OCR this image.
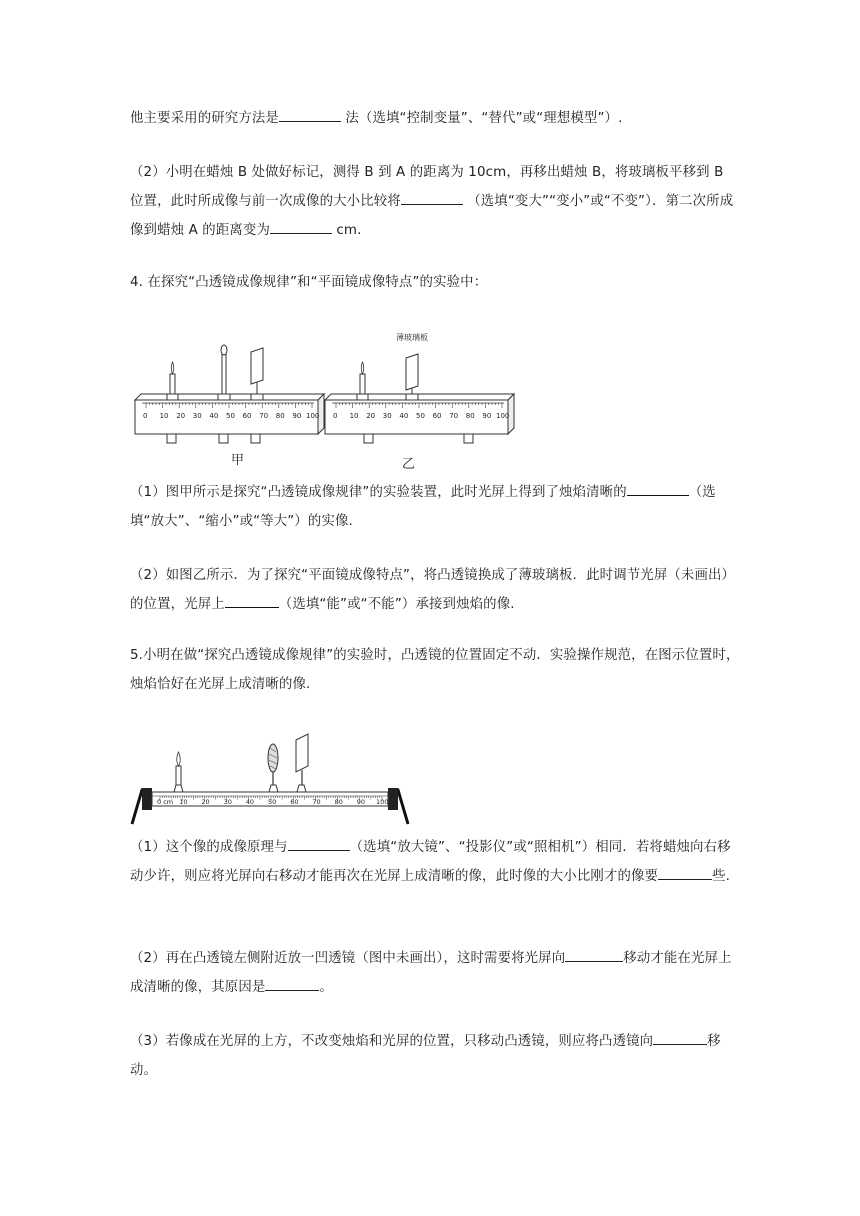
他主要采用的研究方法是	法（选填“控制变量”、“替代”或“理想模型”）.

（2）小明在蜡烛 B 处做好标记，测得 B 到 A 的距离为 10cm，再移出蜡烛 B，将玻璃板平移到 B 位置，此时所成像与前一次成像的大小比较将	（选填“变大”“变小”或“不变”）．第二次所成像到蜡烛 A 的距离变为	cm.

4. 在探究“凸透镜成像规律”和“平面镜成像特点”的实验中：

0 10 20 30 40 50 60 70 80 90 100
甲
0 10 20 30 40 50 60 70 80 90 100
薄玻璃板
乙

（1）图甲所示是探究“凸透镜成像规律”的实验装置，此时光屏上得到了烛焰清晰的	（选填“放大”、“缩小”或“等大”）的实像.

（2）如图乙所示．为了探究“平面镜成像特点”，将凸透镜换成了薄玻璃板．此时调节光屏（未画出）的位置，光屏上	（选填“能”或“不能”）承接到烛焰的像.

5.小明在做“探究凸透镜成像规律”的实验时，凸透镜的位置固定不动．实验操作规范，在图示位置时，烛焰恰好在光屏上成清晰的像.

0 cm 10 20 30 40 50 60 70 80 90 100

（1）这个像的成像原理与	（选填“放大镜”、“投影仪”或“照相机”）相同．若将蜡烛向右移动少许，则应将光屏向右移动才能再次在光屏上成清晰的像，此时像的大小比刚才的像要	些.

（2）再在凸透镜左侧附近放一凹透镜（图中未画出），这时需要将光屏向	移动才能在光屏上成清晰的像，其原因是	。

（3）若像成在光屏的上方，不改变烛焰和光屏的位置，只移动凸透镜，则应将凸透镜向	移动。
